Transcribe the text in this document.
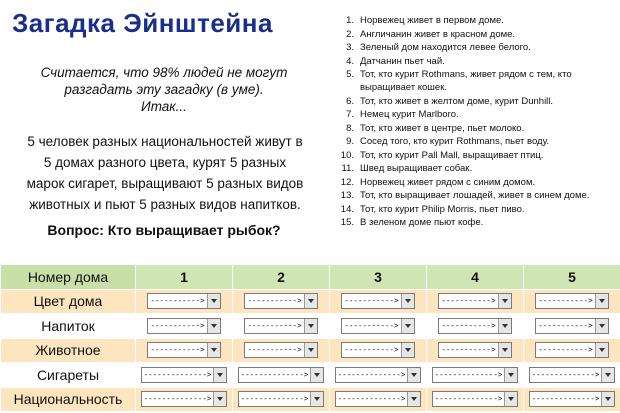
Загадка Эйнштейна
Считается, что 98% людей не могут
разгадать эту загадку (в уме).
Итак...
5 человек разных национальностей живут в
5 домах разного цвета, курят 5 разных
марок сигарет, выращивают 5 разных видов
животных и пьют 5 разных видов напитков.
Вопрос: Кто выращивает рыбок?
1. Норвежец живет в первом доме.
2. Англичанин живет в красном доме.
3. Зеленый дом находится левее белого.
4. Датчанин пьет чай.
5. Тот, кто курит Rothmans, живет рядом с тем, кто выращивает кошек.
6. Тот, кто живет в желтом доме, курит Dunhill.
7. Немец курит Marlboro.
8. Тот, кто живет в центре, пьет молоко.
9. Сосед того, кто курит Rothmans, пьет воду.
10. Тот, кто курит Pall Mall, выращивает птиц.
11. Швед выращивает собак.
12. Норвежец живет рядом с синим домом.
13. Тот, кто выращивает лошадей, живет в синем доме.
14. Тот, кто курит Philip Morris, пьет пиво.
15. В зеленом доме пьют кофе.
Номер дома	1	2	3	4	5
Цвет дома	----------->	----------->	----------->	----------->	----------->

Напиток	----------->	----------->	----------->	----------->	----------->

Животное	----------->	----------->	----------->	----------->	----------->

Сигареты	-------------->	-------------->	-------------->	-------------->	-------------->

Национальность	-------------->	-------------->	-------------->	-------------->	-------------->
